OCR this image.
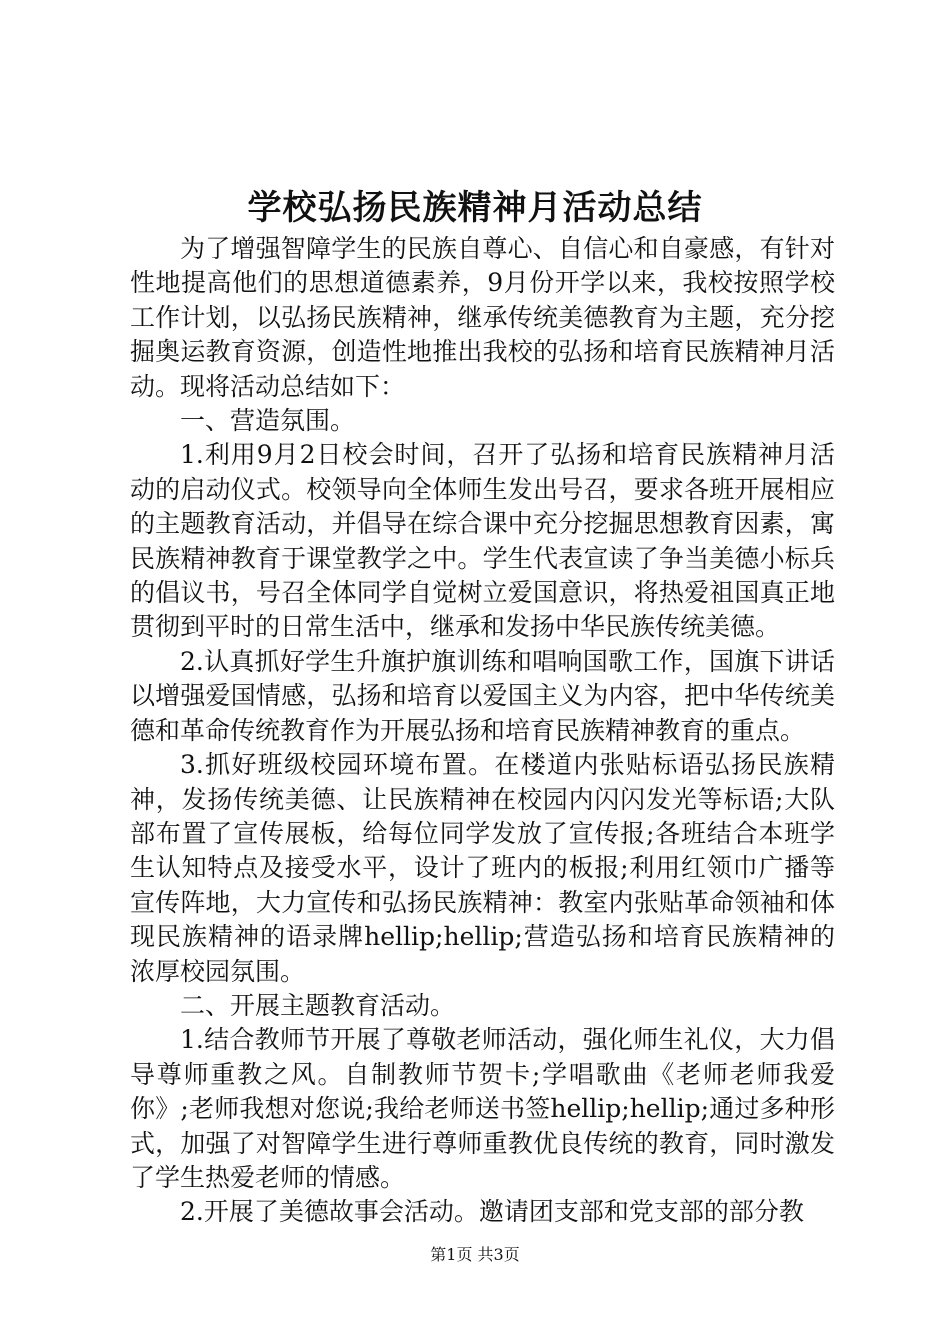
学校弘扬民族精神月活动总结

为了增强智障学生的民族自尊心、自信心和自豪感，有针对性地提高他们的思想道德素养，9月份开学以来，我校按照学校工作计划，以弘扬民族精神，继承传统美德教育为主题，充分挖掘奥运教育资源，创造性地推出我校的弘扬和培育民族精神月活动。现将活动总结如下：

一、营造氛围。

1.利用9月2日校会时间，召开了弘扬和培育民族精神月活动的启动仪式。校领导向全体师生发出号召，要求各班开展相应的主题教育活动，并倡导在综合课中充分挖掘思想教育因素，寓民族精神教育于课堂教学之中。学生代表宣读了争当美德小标兵的倡议书，号召全体同学自觉树立爱国意识，将热爱祖国真正地贯彻到平时的日常生活中，继承和发扬中华民族传统美德。

2.认真抓好学生升旗护旗训练和唱响国歌工作，国旗下讲话以增强爱国情感，弘扬和培育以爱国主义为内容，把中华传统美德和革命传统教育作为开展弘扬和培育民族精神教育的重点。

3.抓好班级校园环境布置。在楼道内张贴标语弘扬民族精神，发扬传统美德、让民族精神在校园内闪闪发光等标语;大队部布置了宣传展板，给每位同学发放了宣传报;各班结合本班学生认知特点及接受水平，设计了班内的板报;利用红领巾广播等宣传阵地，大力宣传和弘扬民族精神：教室内张贴革命领袖和体现民族精神的语录牌hellip;hellip;营造弘扬和培育民族精神的浓厚校园氛围。

二、开展主题教育活动。

1.结合教师节开展了尊敬老师活动，强化师生礼仪，大力倡导尊师重教之风。自制教师节贺卡;学唱歌曲《老师老师我爱你》;老师我想对您说;我给老师送书签hellip;hellip;通过多种形式，加强了对智障学生进行尊师重教优良传统的教育，同时激发了学生热爱老师的情感。

2.开展了美德故事会活动。邀请团支部和党支部的部分教

第1页 共3页
